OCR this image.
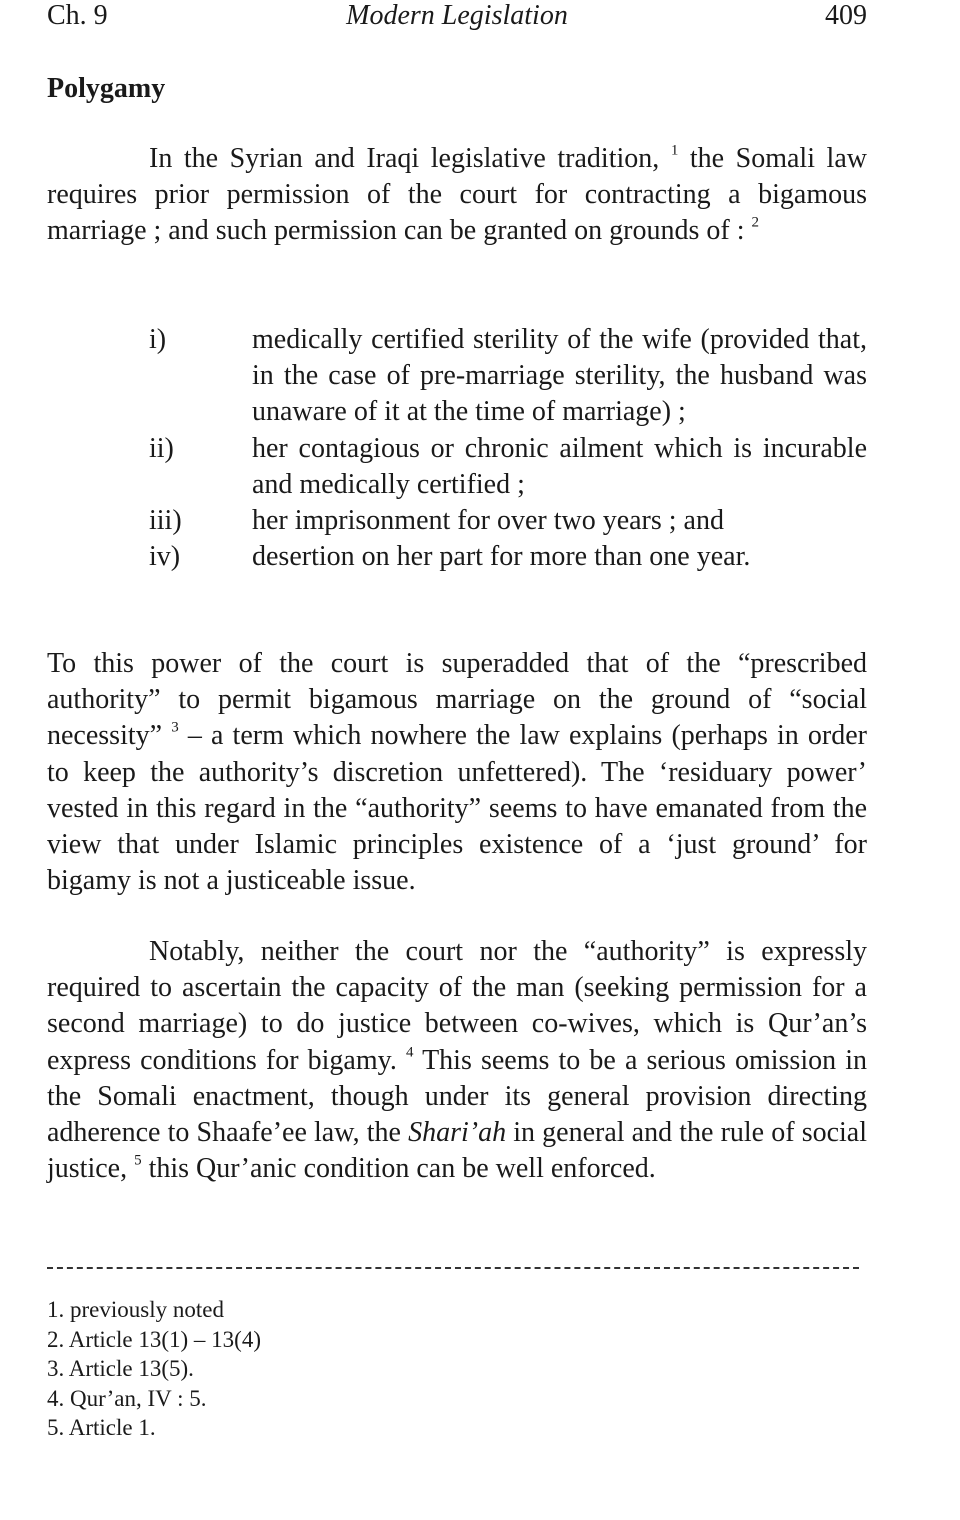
Ch. 9	Modern Legislation	409
Polygamy

In the Syrian and Iraqi legislative tradition, $^1$ the Somali law requires prior permission of the court for contracting a bigamous marriage ; and such permission can be granted on grounds of : $^2$

i)	medically certified sterility of the wife (provided that, in the case of pre-marriage sterility, the husband was unaware of it at the time of marriage) ;
ii)	her contagious or chronic ailment which is incurable and medically certified ;
iii)	her imprisonment for over two years ; and
iv)	desertion on her part for more than one year.

To this power of the court is superadded that of the “prescribed authority” to permit bigamous marriage on the ground of “social necessity” $^3$ – a term which nowhere the law explains (perhaps in order to keep the authority’s discretion unfettered). The ‘residuary power’ vested in this regard in the “authority” seems to have emanated from the view that under Islamic principles existence of a ‘just ground’ for bigamy is not a justiceable issue.

Notably, neither the court nor the “authority” is expressly required to ascertain the capacity of the man (seeking permission for a second marriage) to do justice between co-wives, which is Qur’an’s express conditions for bigamy. $^4$ This seems to be a serious omission in the Somali enactment, though under its general provision directing adherence to Shaafe’ee law, the Shari’ah in general and the rule of social justice, $^5$ this Qur’anic condition can be well enforced.

1. previously noted
2. Article 13(1) – 13(4)
3. Article 13(5).
4. Qur’an, IV : 5.
5. Article 1.
